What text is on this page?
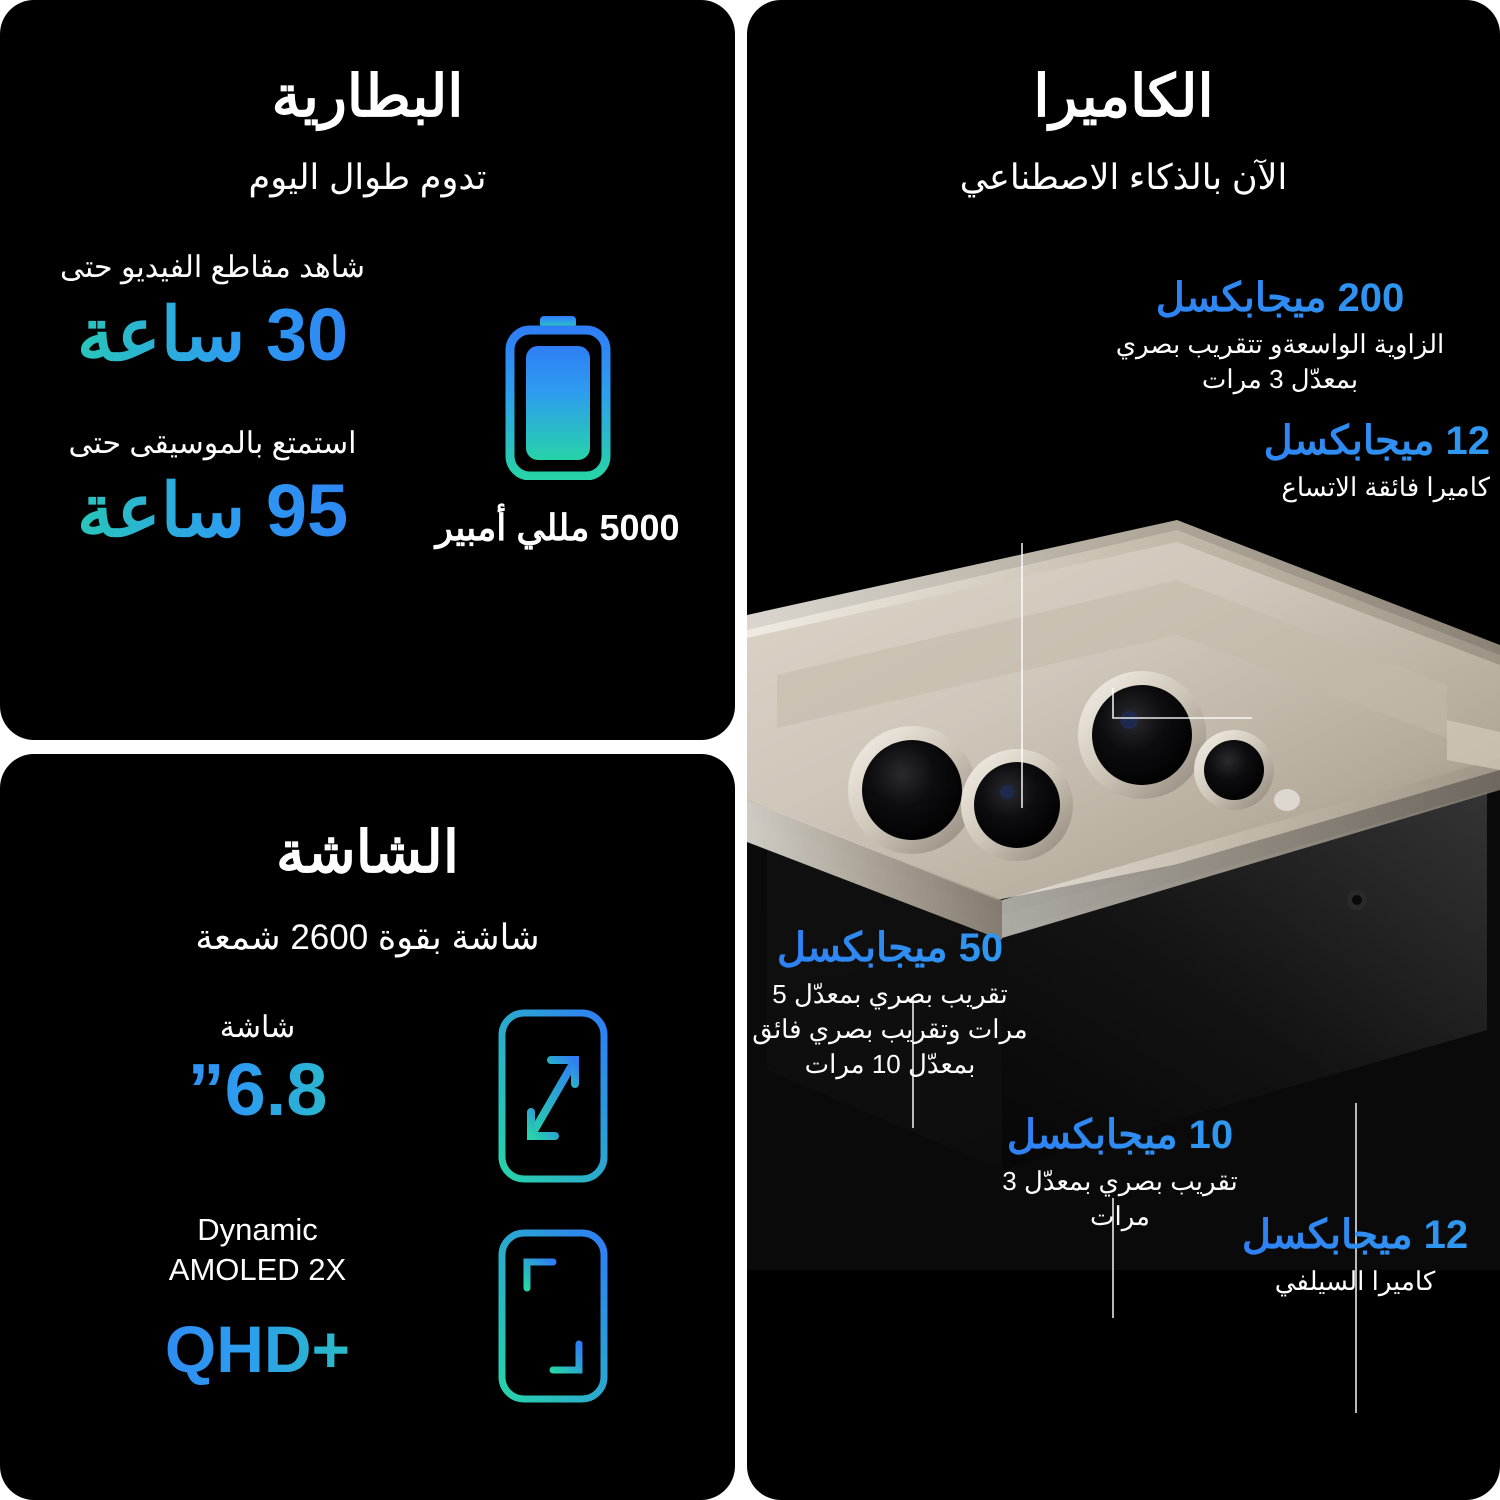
الكاميرا
الآن بالذكاء الاصطناعي
200 ميجابكسل
الزاوية الواسعةو تتقريب بصري بمعدّل 3 مرات
12 ميجابكسل
كاميرا فائقة الاتساع
50 ميجابكسل
تقريب بصري بمعدّل 5 مرات وتقريب بصري فائق بمعدّل 10 مرات
10 ميجابكسل
تقريب بصري بمعدّل 3 مرات	12 ميجابكسل
كاميرا السيلفي
البطارية
تدوم طوال اليوم
5000 مللي أمبير
شاهد مقاطع الفيديو حتى
30 ساعة
استمتع بالموسيقى حتى
95 ساعة
الشاشة
شاشة بقوة 2600 شمعة
شاشة
6.8”
Dynamic
AMOLED 2X
QHD+
